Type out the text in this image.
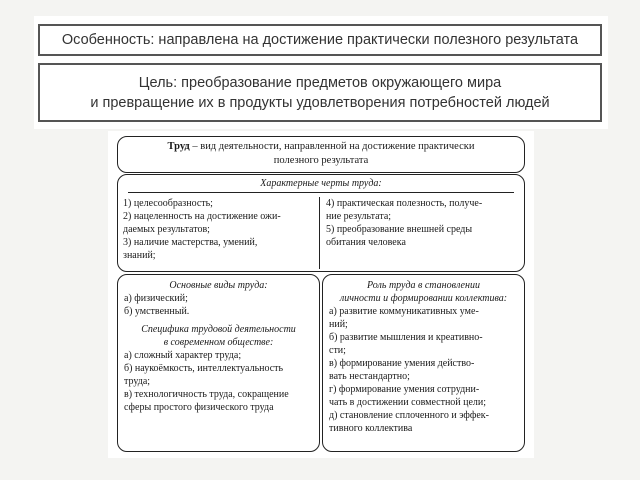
Особенность: направлена на достижение практически полезного результата
Цель: преобразование предметов окружающего мира
и превращение их в продукты удовлетворения потребностей людей
Труд – вид деятельности, направленной на достижение практически
полезного результата
Характерные черты труда:
1) целесообразность;
2) нацеленность на достижение ожи-
даемых результатов;
3) наличие мастерства, умений,
знаний;
4) практическая полезность, получе-
ние результата;
5) преобразование внешней среды
обитания человека
Основные виды труда:
а) физический;
б) умственный.
Специфика трудовой деятельности
в современном обществе:
а) сложный характер труда;
б) наукоёмкость, интеллектуальность
труда;
в) технологичность труда, сокращение
сферы простого физического труда
Роль труда в становлении
личности и формировании коллектива:
а) развитие коммуникативных уме-
ний;
б) развитие мышления и креативно-
сти;
в) формирование умения действо-
вать нестандартно;
г) формирование умения сотрудни-
чать в достижении совместной цели;
д) становление сплоченного и эффек-
тивного коллектива
